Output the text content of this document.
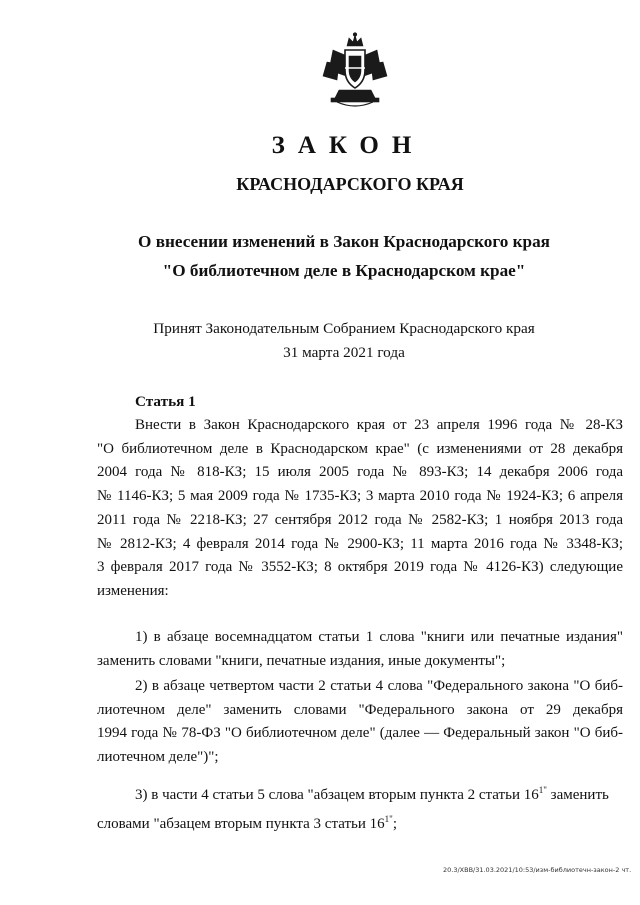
ЗАКОН
КРАСНОДАРСКОГО КРАЯ
О внесении изменений в Закон Краснодарского края
"О библиотечном деле в Краснодарском крае"
Принят Законодательным Собранием Краснодарского края
31 марта 2021 года
Статья 1
Внести в Закон Краснодарского края от 23 апреля 1996 года № 28-КЗ
"О библиотечном деле в Краснодарском крае" (с изменениями от 28 декабря
2004 года № 818-КЗ; 15 июля 2005 года № 893-КЗ; 14 декабря 2006 года
№ 1146-КЗ; 5 мая 2009 года № 1735-КЗ; 3 марта 2010 года № 1924-КЗ; 6 апреля
2011 года № 2218-КЗ; 27 сентября 2012 года № 2582-КЗ; 1 ноября 2013 года
№ 2812-КЗ; 4 февраля 2014 года № 2900-КЗ; 11 марта 2016 года № 3348-КЗ;
3 февраля 2017 года № 3552-КЗ; 8 октября 2019 года № 4126-КЗ) следующие
изменения:
1) в абзаце восемнадцатом статьи 1 слова "книги или печатные издания"
заменить словами "книги, печатные издания, иные документы";
2) в абзаце четвертом части 2 статьи 4 слова "Федерального закона "О биб-
лиотечном деле" заменить словами "Федерального закона от 29 декабря
1994 года № 78-ФЗ "О библиотечном деле" (далее — Федеральный закон "О биб-
лиотечном деле")";
3) в части 4 статьи 5 слова "абзацем вторым пункта 2 статьи $16^{1"}$ заменить
словами "абзацем вторым пункта 3 статьи $16^{1"}$;
20.3/ХВВ/31.03.2021/10:53/изм-библиотечн-закон-2 чт.
